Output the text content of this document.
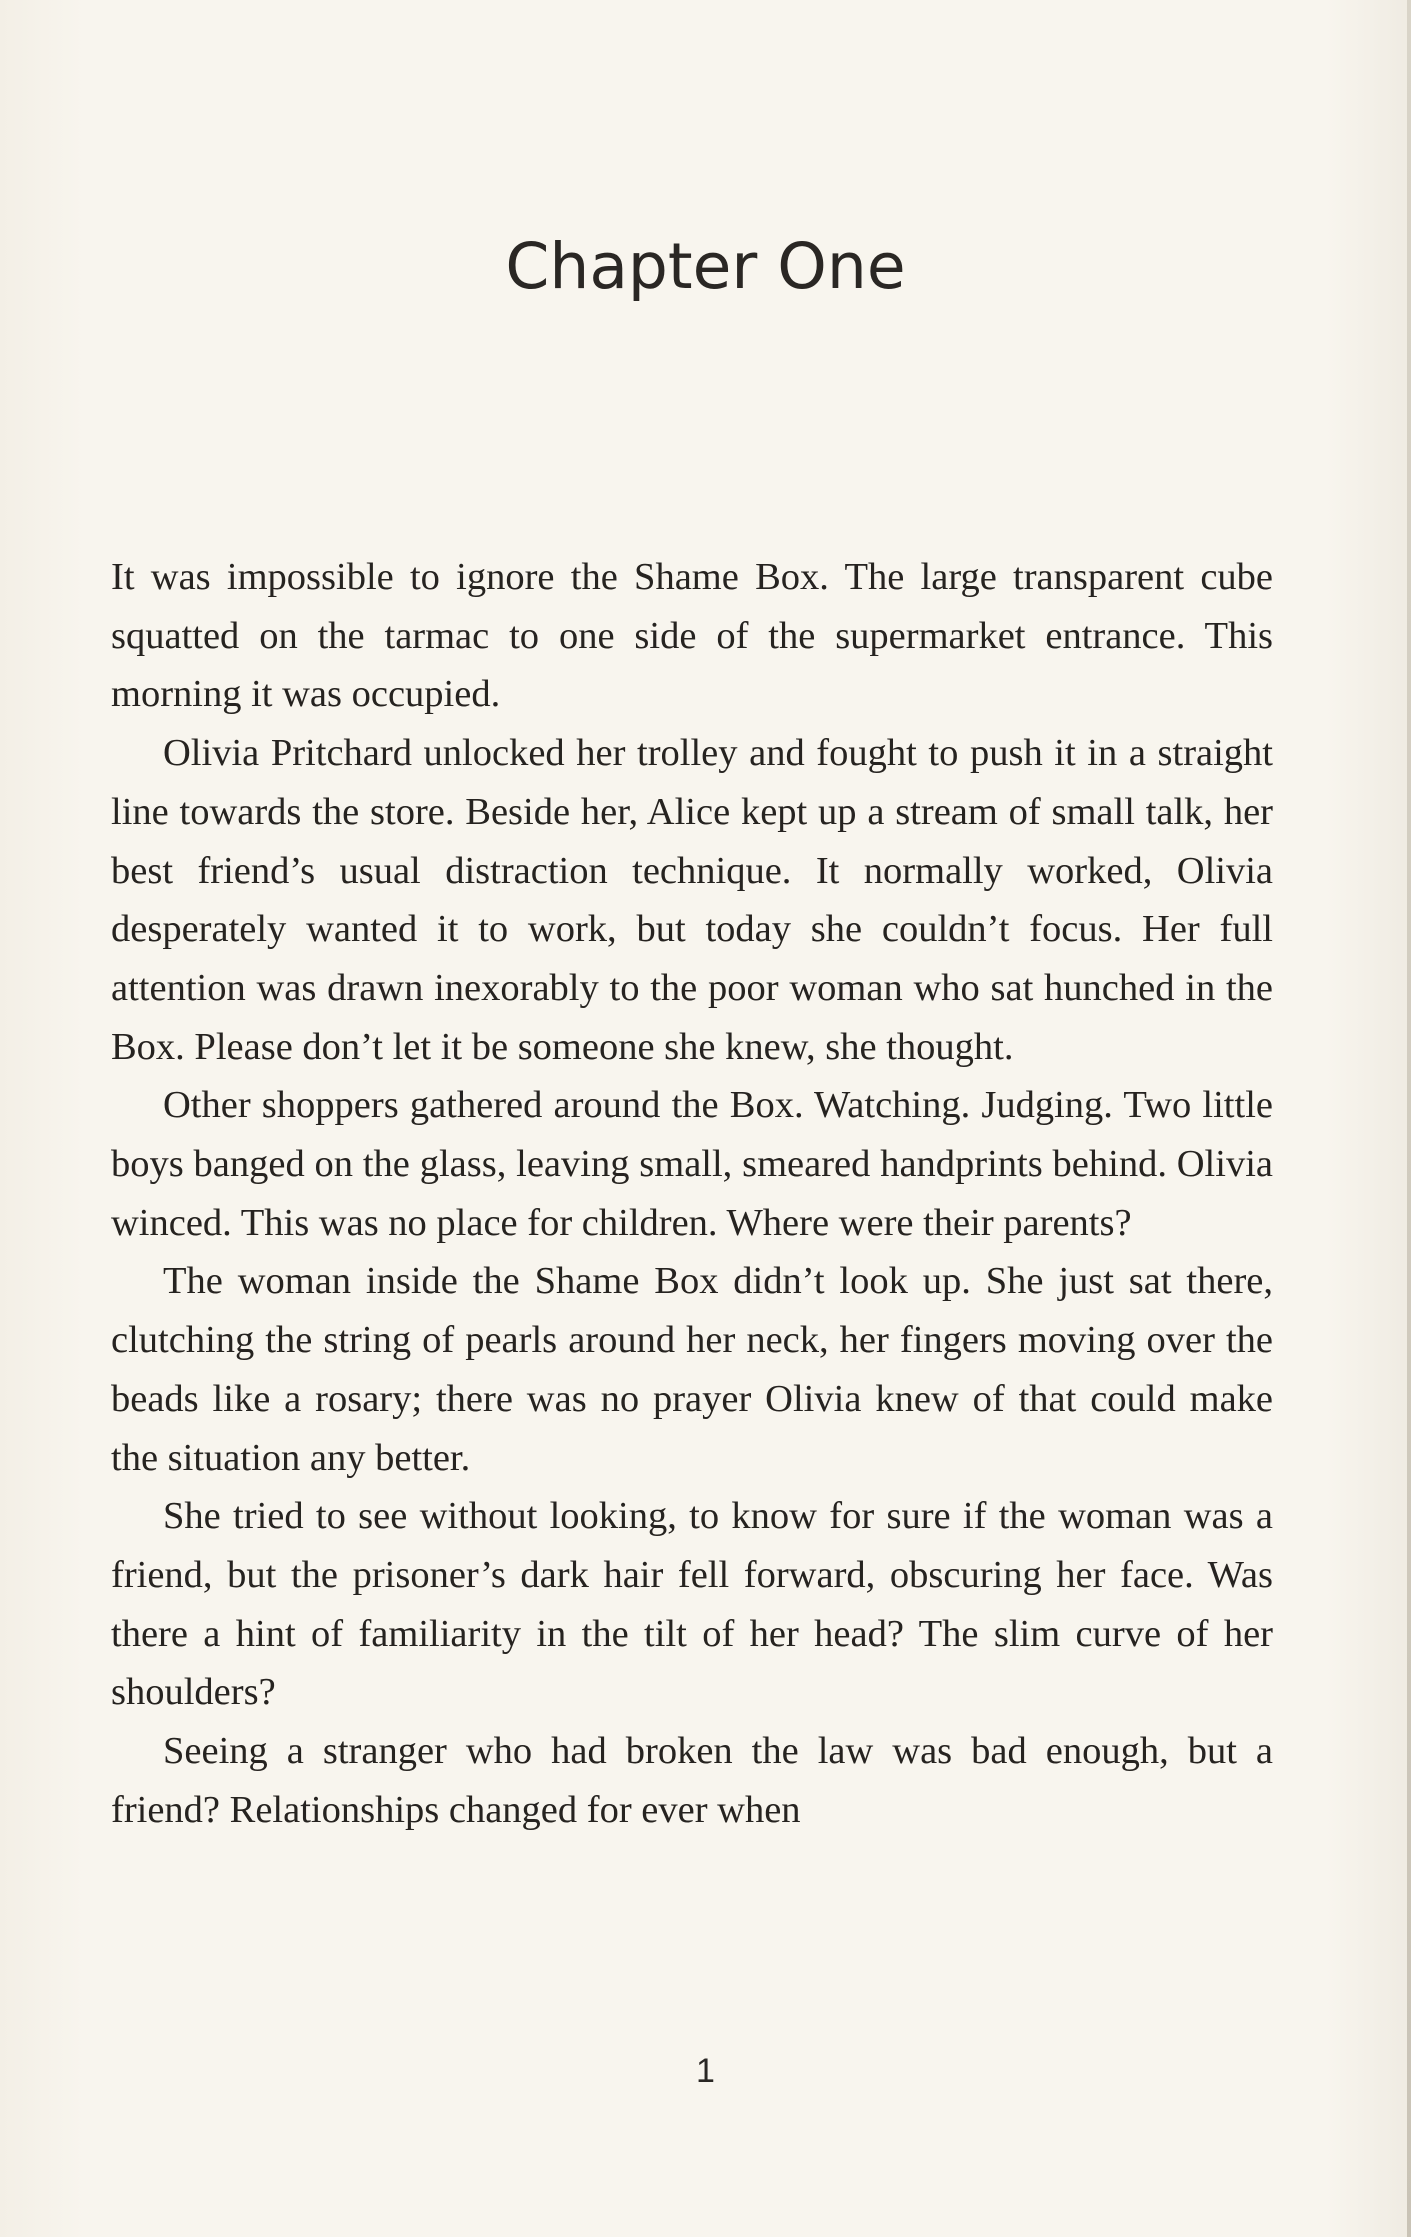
Chapter One

It was impossible to ignore the Shame Box. The large transparent cube squatted on the tarmac to one side of the supermarket entrance. This morning it was occupied.

Olivia Pritchard unlocked her trolley and fought to push it in a straight line towards the store. Beside her, Alice kept up a stream of small talk, her best friend’s usual distraction technique. It normally worked, Olivia desperately wanted it to work, but today she couldn’t focus. Her full attention was drawn inexorably to the poor woman who sat hunched in the Box. Please don’t let it be someone she knew, she thought.

Other shoppers gathered around the Box. Watching. Judging. Two little boys banged on the glass, leaving small, smeared handprints behind. Olivia winced. This was no place for children. Where were their parents?

The woman inside the Shame Box didn’t look up. She just sat there, clutching the string of pearls around her neck, her fingers moving over the beads like a rosary; there was no prayer Olivia knew of that could make the situation any better.

She tried to see without looking, to know for sure if the woman was a friend, but the prisoner’s dark hair fell forward, obscuring her face. Was there a hint of familiarity in the tilt of her head? The slim curve of her shoulders?

Seeing a stranger who had broken the law was bad enough, but a friend? Relationships changed for ever when

1
